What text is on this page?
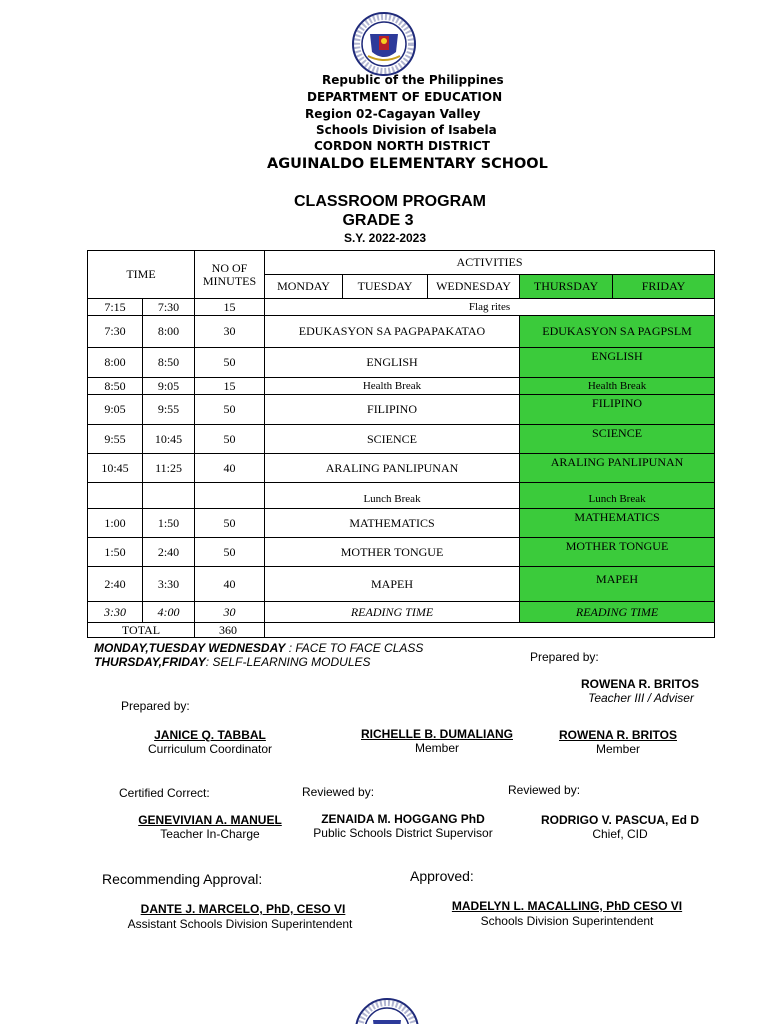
Republic of the Philippines
DEPARTMENT OF EDUCATION
Region 02-Cagayan Valley
Schools Division of Isabela
CORDON NORTH DISTRICT
AGUINALDO ELEMENTARY SCHOOL
CLASSROOM PROGRAM
GRADE 3
S.Y. 2022-2023
TIME		NO OF MINUTES	ACTIVITIES				
			MONDAY	TUESDAY	WEDNESDAY	THURSDAY	FRIDAY
7:15	7:30	15	Flag rites				
7:30	8:00	30	EDUKASYON SA PAGPAPAKATAO			EDUKASYON SA PAGPSLM	
8:00	8:50	50	ENGLISH			ENGLISH	
8:50	9:05	15	Health Break			Health Break	
9:05	9:55	50	FILIPINO			FILIPINO	
9:55	10:45	50	SCIENCE			SCIENCE	
10:45	11:25	40	ARALING PANLIPUNAN			ARALING PANLIPUNAN	
			Lunch Break			Lunch Break	
1:00	1:50	50	MATHEMATICS			MATHEMATICS	
1:50	2:40	50	MOTHER TONGUE			MOTHER TONGUE	
2:40	3:30	40	MAPEH			MAPEH	
3:30	4:00	30	READING TIME			READING TIME	
TOTAL		360					
MONDAY,TUESDAY WEDNESDAY : FACE TO FACE CLASS
THURSDAY,FRIDAY: SELF-LEARNING MODULES	Prepared by:
ROWENA R. BRITOS
Teacher III / Adviser
Prepared by:
JANICE Q. TABBAL
Curriculum Coordinator
RICHELLE B. DUMALIANG
Member
ROWENA R. BRITOS
Member
Certified Correct:	Reviewed by:	Reviewed by:
GENEVIVIAN A. MANUEL
Teacher In-Charge
ZENAIDA M. HOGGANG PhD
Public Schools District Supervisor
RODRIGO V. PASCUA, Ed D
Chief, CID
Recommending Approval:	Approved:
DANTE J. MARCELO, PhD, CESO VI
Assistant Schools Division Superintendent
MADELYN L. MACALLING, PhD CESO VI
Schools Division Superintendent
